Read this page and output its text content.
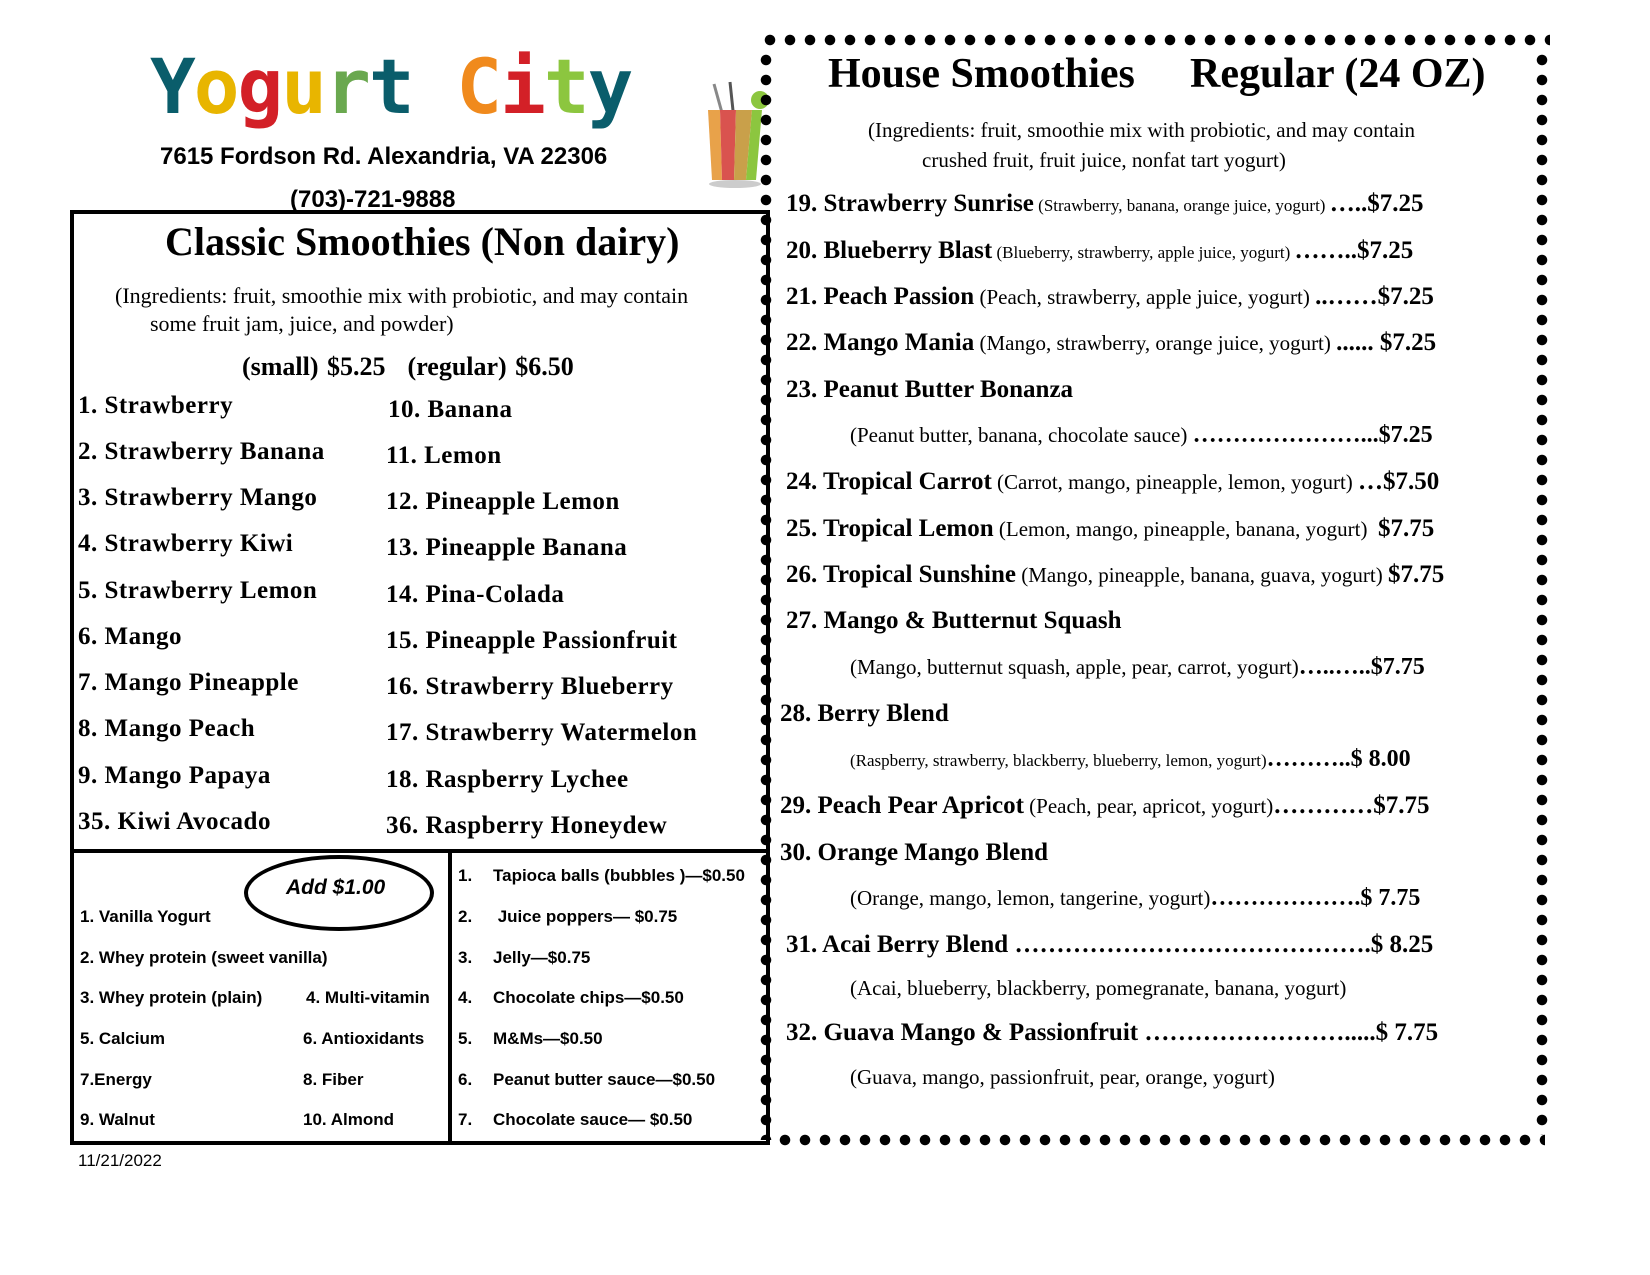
Yogurt City
7615 Fordson Rd. Alexandria, VA 22306
(703)-721-9888
Classic Smoothies (Non dairy)
(Ingredients: fruit, smoothie mix with probiotic, and may contain
some fruit jam, juice, and powder)
(small) $5.25 (regular) $6.50
1. Strawberry
2. Strawberry Banana
3. Strawberry Mango
4. Strawberry Kiwi
5. Strawberry Lemon
6. Mango
7. Mango Pineapple
8. Mango Peach
9. Mango Papaya
35. Kiwi Avocado
10. Banana
11. Lemon
12. Pineapple Lemon
13. Pineapple Banana
14. Pina-Colada
15. Pineapple Passionfruit
16. Strawberry Blueberry
17. Strawberry Watermelon
18. Raspberry Lychee
36. Raspberry Honeydew
Add $1.00
1. Vanilla Yogurt
2. Whey protein (sweet vanilla)
3. Whey protein (plain)	4. Multi-vitamin
5. Calcium	6. Antioxidants
7.Energy	8. Fiber
9. Walnut	10. Almond
1. Tapioca balls (bubbles )—$0.50
2. Juice poppers— $0.75
3. Jelly—$0.75
4. Chocolate chips—$0.50
5. M&Ms—$0.50
6. Peanut butter sauce—$0.50
7. Chocolate sauce— $0.50
11/21/2022
House Smoothies Regular (24 OZ)
(Ingredients: fruit, smoothie mix with probiotic, and may contain
crushed fruit, fruit juice, nonfat tart yogurt)
19. Strawberry Sunrise (Strawberry, banana, orange juice, yogurt) …..$7.25
20. Blueberry Blast (Blueberry, strawberry, apple juice, yogurt) ……..$7.25
21. Peach Passion (Peach, strawberry, apple juice, yogurt) ..……$7.25
22. Mango Mania (Mango, strawberry, orange juice, yogurt) ...... $7.25
23. Peanut Butter Bonanza
(Peanut butter, banana, chocolate sauce) …………………...$7.25
24. Tropical Carrot (Carrot, mango, pineapple, lemon, yogurt) …$7.50
25. Tropical Lemon (Lemon, mango, pineapple, banana, yogurt)  $7.75
26. Tropical Sunshine (Mango, pineapple, banana, guava, yogurt) $7.75
27. Mango & Butternut Squash
(Mango, butternut squash, apple, pear, carrot, yogurt)…..…..$7.75
28. Berry Blend
(Raspberry, strawberry, blackberry, blueberry, lemon, yogurt)………..$ 8.00
29. Peach Pear Apricot (Peach, pear, apricot, yogurt)…………$7.75
30. Orange Mango Blend
(Orange, mango, lemon, tangerine, yogurt)……………….$ 7.75
31. Acai Berry Blend …………………………………….$ 8.25
(Acai, blueberry, blackberry, pomegranate, banana, yogurt)
32. Guava Mango & Passionfruit …………………….....$ 7.75
(Guava, mango, passionfruit, pear, orange, yogurt)
